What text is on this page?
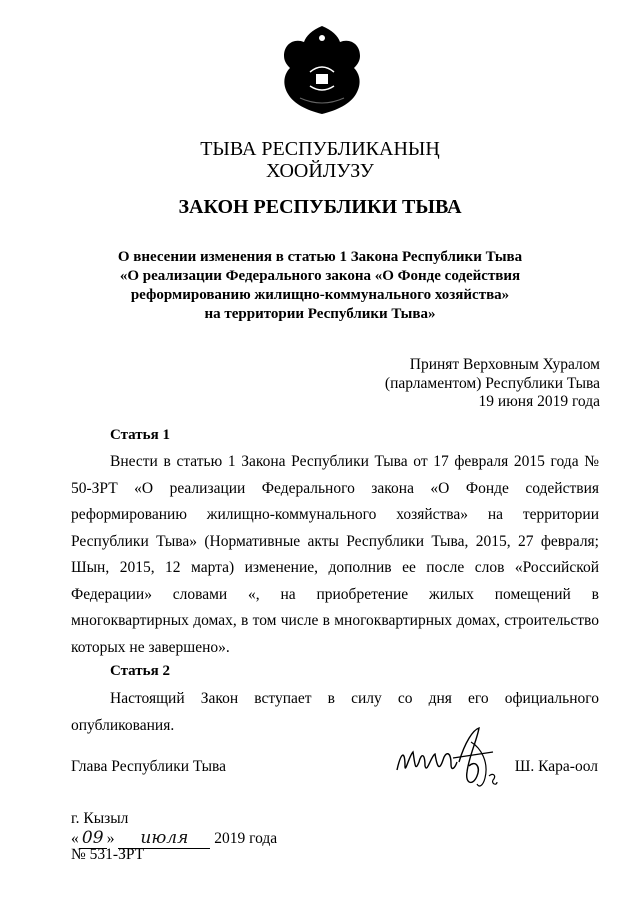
ТЫВА РЕСПУБЛИКАНЫҢ
ХООЙЛУЗУ
ЗАКОН РЕСПУБЛИКИ ТЫВА
О внесении изменения в статью 1 Закона Республики Тыва
«О реализации Федерального закона «О Фонде содействия
реформированию жилищно-коммунального хозяйства»
на территории Республики Тыва»
Принят Верховным Хуралом
(парламентом) Республики Тыва
19 июня 2019 года
Статья 1

Внести в статью 1 Закона Республики Тыва от 17 февраля 2015 года № 50-ЗРТ «О реализации Федерального закона «О Фонде содействия реформированию жилищно-коммунального хозяйства» на территории Республики Тыва» (Нормативные акты Республики Тыва, 2015, 27 февраля; Шын, 2015, 12 марта) изменение, дополнив ее после слов «Российской Федерации» словами «, на приобретение жилых помещений в многоквартирных домах, в том числе в многоквартирных домах, строительство которых не завершено».

Статья 2

Настоящий Закон вступает в силу со дня его официального опубликования.

Глава Республики Тыва	Ш. Кара-оол
г. Кызыл
« 09 » июля 2019 года
№ 531-ЗРТ
